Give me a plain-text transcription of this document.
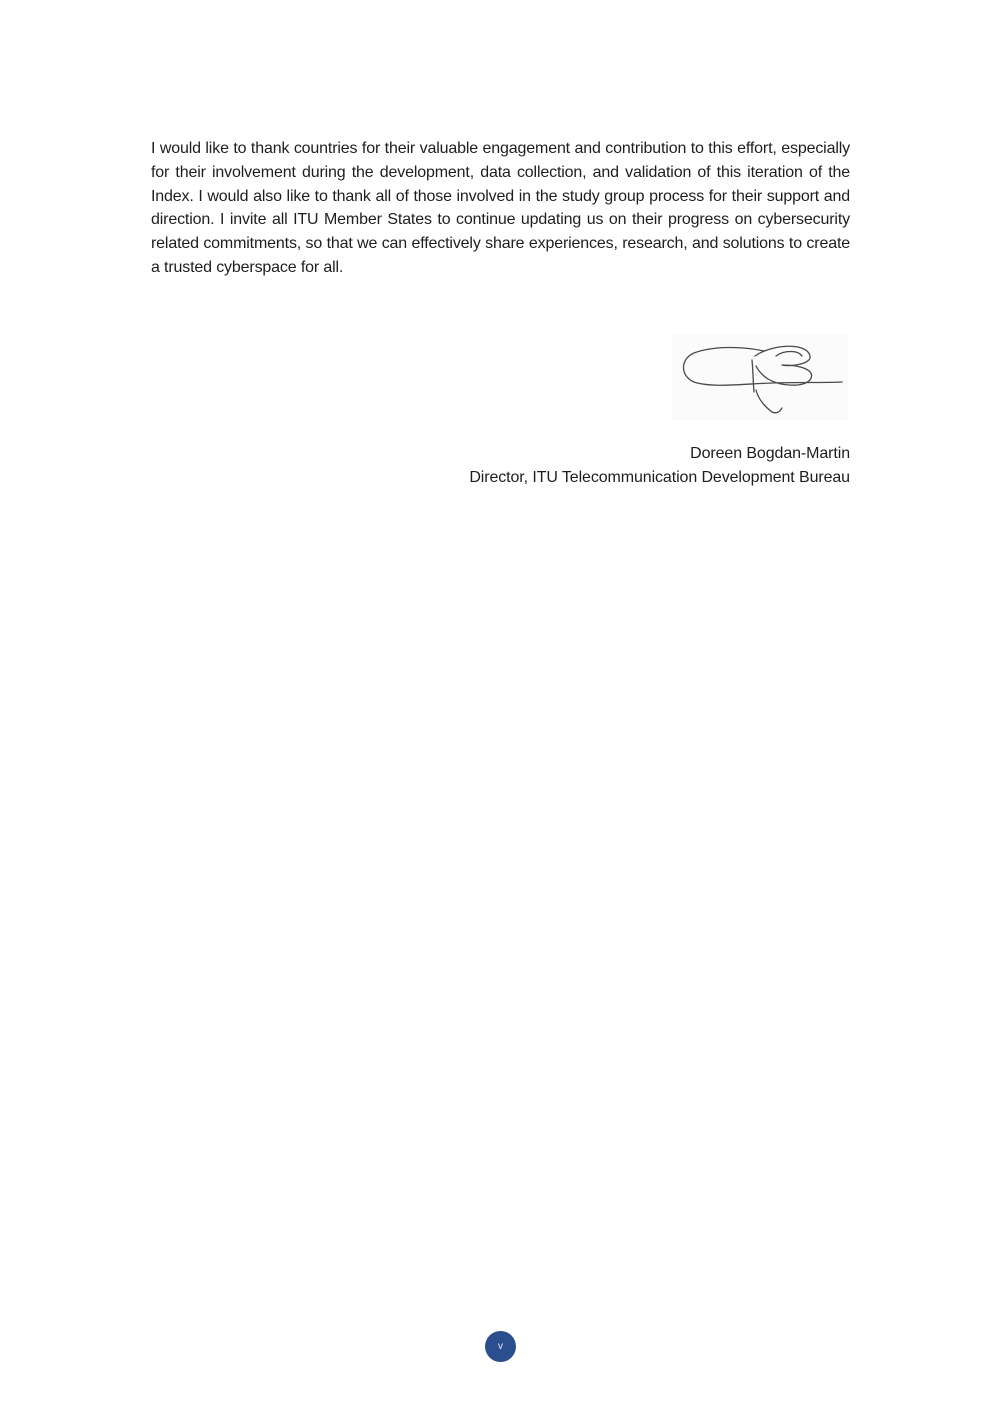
I would like to thank countries for their valuable engagement and contribution to this effort, especially for their involvement during the development, data collection, and validation of this iteration of the Index. I would also like to thank all of those involved in the study group process for their support and direction. I invite all ITU Member States to continue updating us on their progress on cybersecurity related commitments, so that we can effectively share experiences, research, and solutions to create a trusted cyberspace for all.

Doreen Bogdan-Martin
Director, ITU Telecommunication Development Bureau
v
